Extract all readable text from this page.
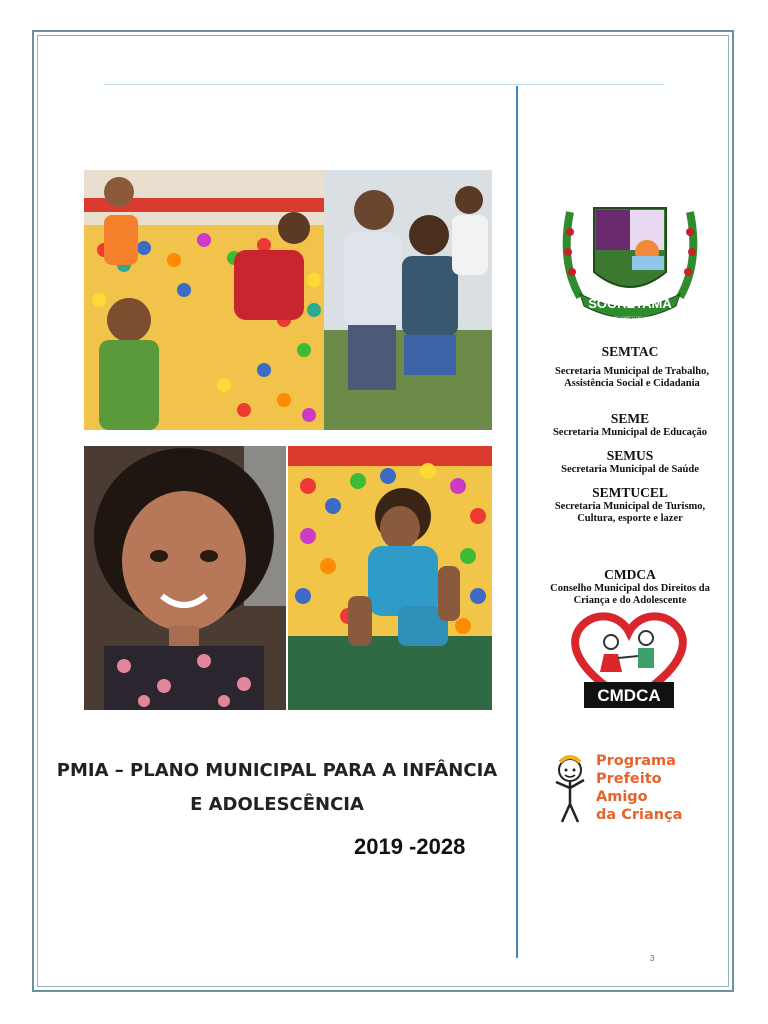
PMIA – PLANO MUNICIPAL PARA A INFÂNCIA
E ADOLESCÊNCIA
2019 -2028
SOORETAMA
30 DE MARÇO DE 1994
SEMTAC
Secretaria Municipal de Trabalho, Assistência Social e Cidadania
SEME
Secretaria Municipal de Educação
SEMUS
Secretaria Municipal de Saúde
SEMTUCEL
Secretaria Municipal de Turismo, Cultura, esporte e lazer
CMDCA
Conselho Municipal dos Direitos da Criança e do Adolescente
CMDCA
Programa
Prefeito
Amigo
da Criança
3
